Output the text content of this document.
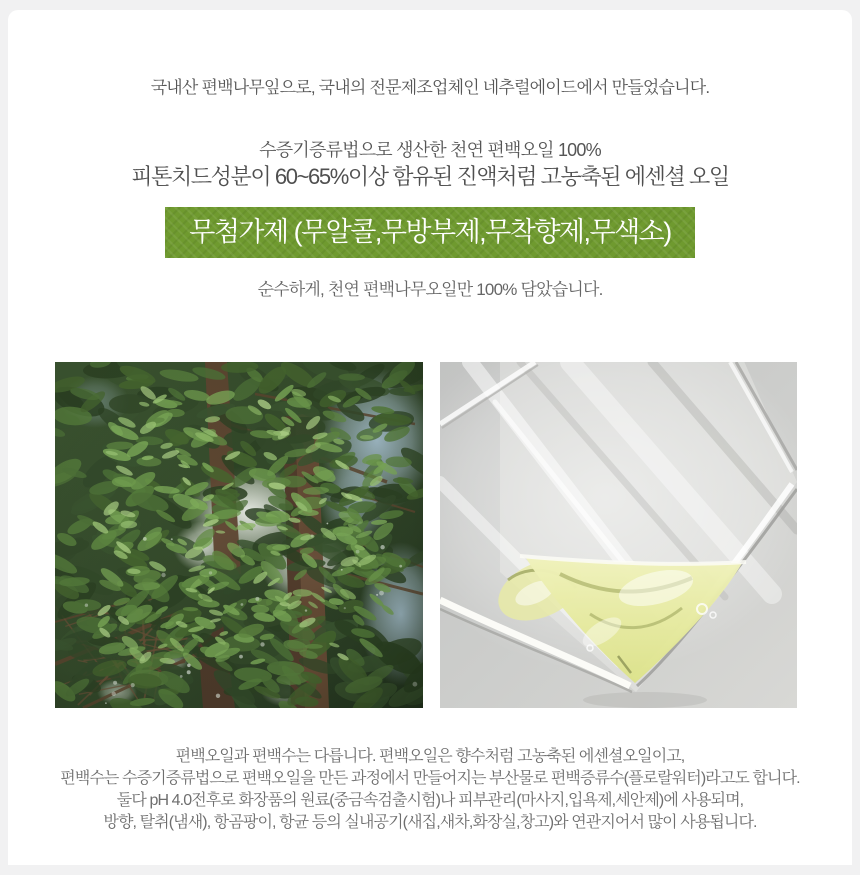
국내산 편백나무잎으로, 국내의 전문제조업체인 네추럴에이드에서 만들었습니다.

수증기증류법으로 생산한 천연 편백오일 100%

피톤치드성분이 60~65%이상 함유된 진액처럼 고농축된 에센셜 오일

무첨가제 (무알콜,무방부제,무착향제,무색소)

순수하게, 천연 편백나무오일만 100% 담았습니다.

편백오일과 편백수는 다릅니다. 편백오일은 향수처럼 고농축된 에센셜오일이고,

편백수는 수증기증류법으로 편백오일을 만든 과정에서 만들어지는 부산물로 편백증류수(플로랄워터)라고도 합니다.

둘다 pH 4.0전후로 화장품의 원료(중금속검출시험)나 피부관리(마사지,입욕제,세안제)에 사용되며,

방향, 탈취(냄새), 항곰팡이, 항균 등의 실내공기(새집,새차,화장실,창고)와 연관지어서 많이 사용됩니다.
